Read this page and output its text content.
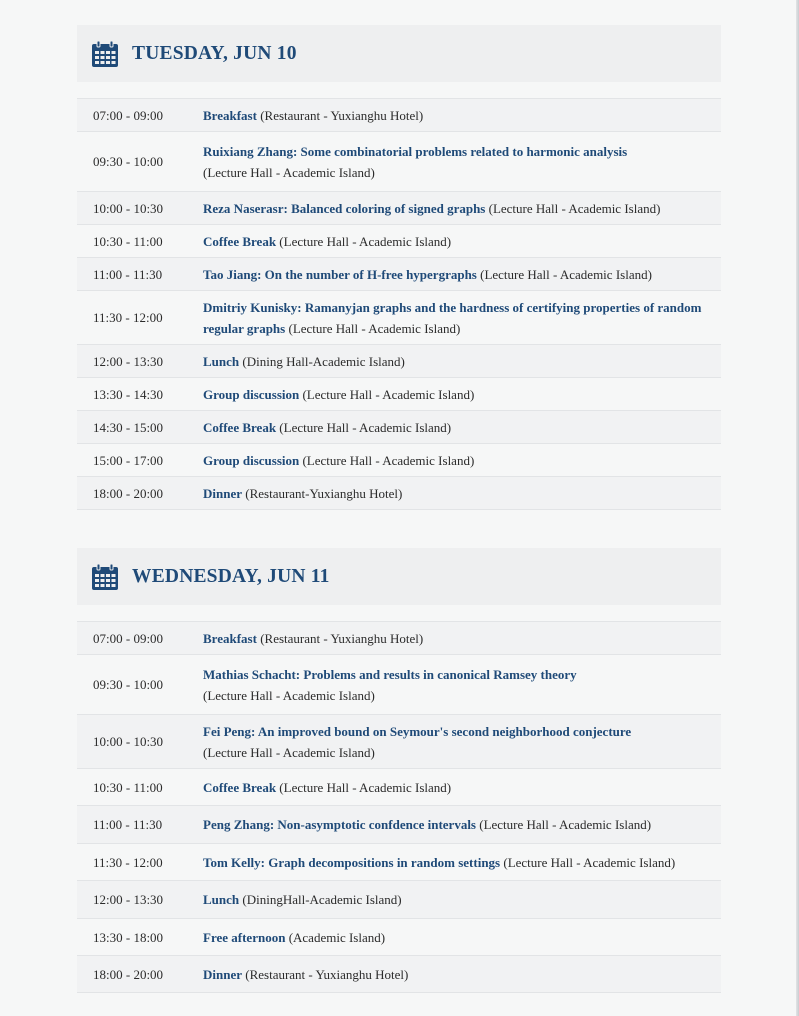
TUESDAY, JUN 10
07:00 - 09:00	Breakfast (Restaurant - Yuxianghu Hotel)
09:30 - 10:00
Ruixiang Zhang: Some combinatorial problems related to harmonic analysis
(Lecture Hall - Academic Island)
10:00 - 10:30	Reza Naserasr: Balanced coloring of signed graphs (Lecture Hall - Academic Island)
10:30 - 11:00	Coffee Break (Lecture Hall - Academic Island)
11:00 - 11:30	Tao Jiang: On the number of H-free hypergraphs (Lecture Hall - Academic Island)
11:30 - 12:00
Dmitriy Kunisky: Ramanyjan graphs and the hardness of certifying properties of random regular graphs (Lecture Hall - Academic Island)
12:00 - 13:30	Lunch (Dining Hall-Academic Island)
13:30 - 14:30	Group discussion (Lecture Hall - Academic Island)
14:30 - 15:00	Coffee Break (Lecture Hall - Academic Island)
15:00 - 17:00	Group discussion (Lecture Hall - Academic Island)
18:00 - 20:00	Dinner (Restaurant-Yuxianghu Hotel)
WEDNESDAY, JUN 11
07:00 - 09:00	Breakfast (Restaurant - Yuxianghu Hotel)
09:30 - 10:00
Mathias Schacht: Problems and results in canonical Ramsey theory
(Lecture Hall - Academic Island)
10:00 - 10:30
Fei Peng: An improved bound on Seymour's second neighborhood conjecture
(Lecture Hall - Academic Island)
10:30 - 11:00	Coffee Break (Lecture Hall - Academic Island)
11:00 - 11:30	Peng Zhang: Non-asymptotic confdence intervals (Lecture Hall - Academic Island)
11:30 - 12:00	Tom Kelly: Graph decompositions in random settings (Lecture Hall - Academic Island)
12:00 - 13:30	Lunch (DiningHall-Academic Island)
13:30 - 18:00	Free afternoon (Academic Island)
18:00 - 20:00	Dinner (Restaurant - Yuxianghu Hotel)
